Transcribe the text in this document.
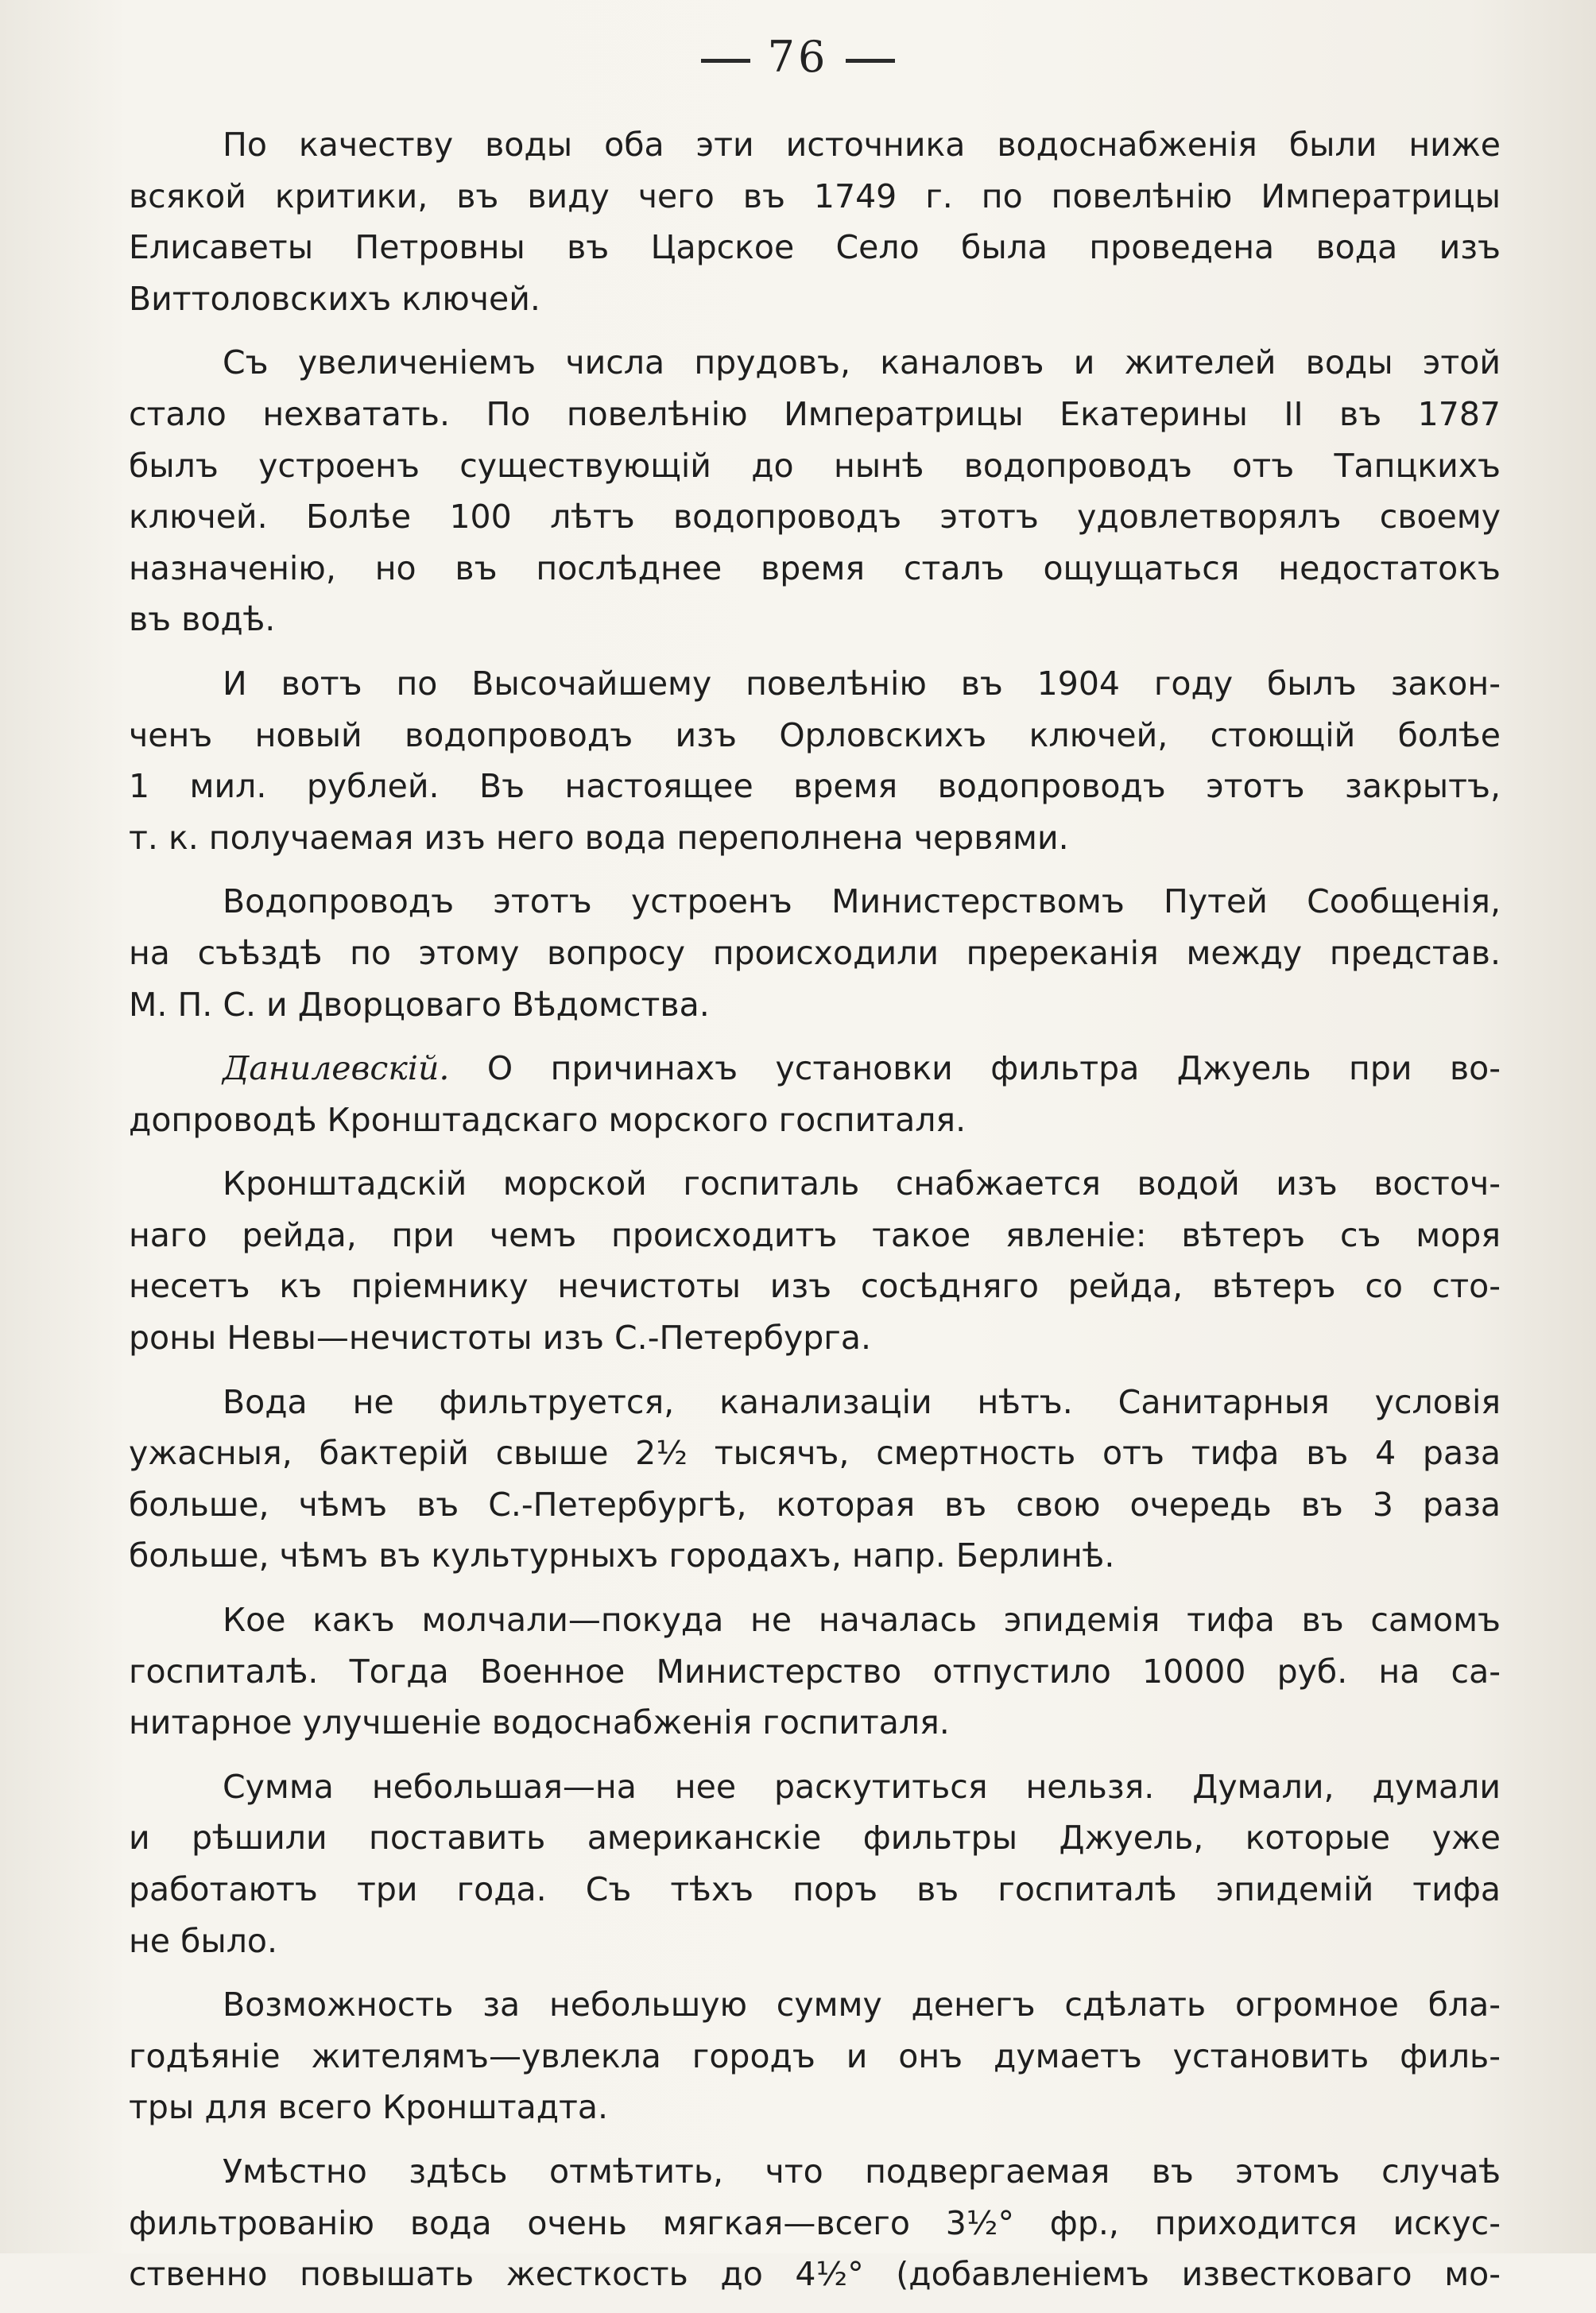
76
По качеству воды оба эти источника водоснабженія были ниже
всякой критики, въ виду чего въ 1749 г. по повелѣнію Императрицы
Елисаветы Петровны въ Царское Село была проведена вода изъ
Виттоловскихъ ключей.
Съ увеличеніемъ числа прудовъ, каналовъ и жителей воды этой
стало нехватать. По повелѣнію Императрицы Екатерины II въ 1787
былъ устроенъ существующій до нынѣ водопроводъ отъ Тапцкихъ
ключей. Болѣе 100 лѣтъ водопроводъ этотъ удовлетворялъ своему
назначенію, но въ послѣднее время сталъ ощущаться недостатокъ
въ водѣ.
И вотъ по Высочайшему повелѣнію въ 1904 году былъ закон-
ченъ новый водопроводъ изъ Орловскихъ ключей, стоющій болѣе
1 мил. рублей. Въ настоящее время водопроводъ этотъ закрытъ,
т. к. получаемая изъ него вода переполнена червями.
Водопроводъ этотъ устроенъ Министерствомъ Путей Сообщенія,
на съѣздѣ по этому вопросу происходили пререканія между представ.
М. П. С. и Дворцоваго Вѣдомства.
Данилевскій. О причинахъ установки фильтра Джуель при во-
допроводѣ Кронштадскаго морского госпиталя.
Кронштадскій морской госпиталь снабжается водой изъ восточ-
наго рейда, при чемъ происходитъ такое явленіе: вѣтеръ съ моря
несетъ къ пріемнику нечистоты изъ сосѣдняго рейда, вѣтеръ со сто-
роны Невы—нечистоты изъ С.-Петербурга.
Вода не фильтруется, канализаціи нѣтъ. Санитарныя условія
ужасныя, бактерій свыше 2½ тысячъ, смертность отъ тифа въ 4 раза
больше, чѣмъ въ С.-Петербургѣ, которая въ свою очередь въ 3 раза
больше, чѣмъ въ культурныхъ городахъ, напр. Берлинѣ.
Кое какъ молчали—покуда не началась эпидемія тифа въ самомъ
госпиталѣ. Тогда Военное Министерство отпустило 10000 руб. на са-
нитарное улучшеніе водоснабженія госпиталя.
Сумма небольшая—на нее раскутиться нельзя. Думали, думали
и рѣшили поставить американскіе фильтры Джуель, которые уже
работаютъ три года. Съ тѣхъ поръ въ госпиталѣ эпидемій тифа
не было.
Возможность за небольшую сумму денегъ сдѣлать огромное бла-
годѣяніе жителямъ—увлекла городъ и онъ думаетъ установить филь-
тры для всего Кронштадта.
Умѣстно здѣсь отмѣтить, что подвергаемая въ этомъ случаѣ
фильтрованію вода очень мягкая—всего 3½° фр., приходится искус-
ственно повышать жесткость до 4½° (добавленіемъ известковаго мо-
